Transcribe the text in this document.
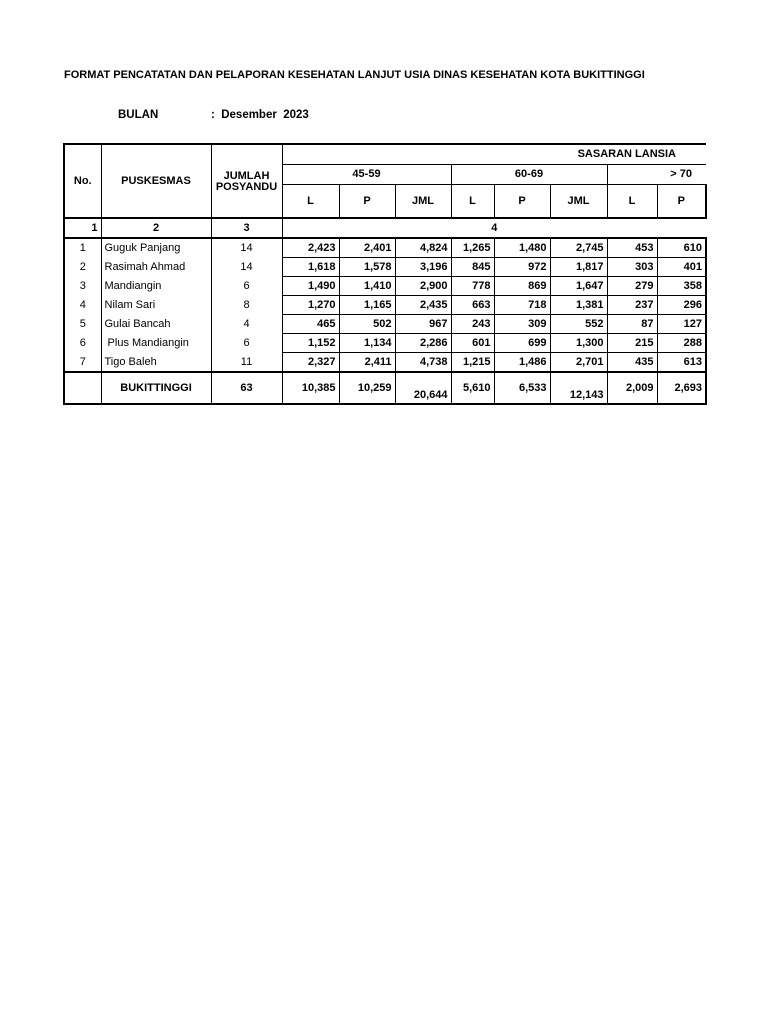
FORMAT PENCATATAN DAN PELAPORAN KESEHATAN LANJUT USIA DINAS KESEHATAN KOTA BUKITTINGGI
BULAN	:  Desember  2023
No.	PUSKESMAS	JUMLAH
POSYANDU	SASARAN LANSIA							
			45-59			60-69			> 70	
			L	P	JML	L	P	JML	L	P
1	2	3	4							
1	Guguk Panjang	14	2,423	2,401	4,824	1,265	1,480	2,745	453	610
2	Rasimah Ahmad	14	1,618	1,578	3,196	845	972	1,817	303	401
3	Mandiangin	6	1,490	1,410	2,900	778	869	1,647	279	358
4	Nilam Sari	8	1,270	1,165	2,435	663	718	1,381	237	296
5	Gulai Bancah	4	465	502	967	243	309	552	87	127
6	Plus Mandiangin	6	1,152	1,134	2,286	601	699	1,300	215	288
7	Tigo Baleh	11	2,327	2,411	4,738	1,215	1,486	2,701	435	613
	BUKITTINGGI	63	10,385	10,259	20,644	5,610	6,533	12,143	2,009	2,693
